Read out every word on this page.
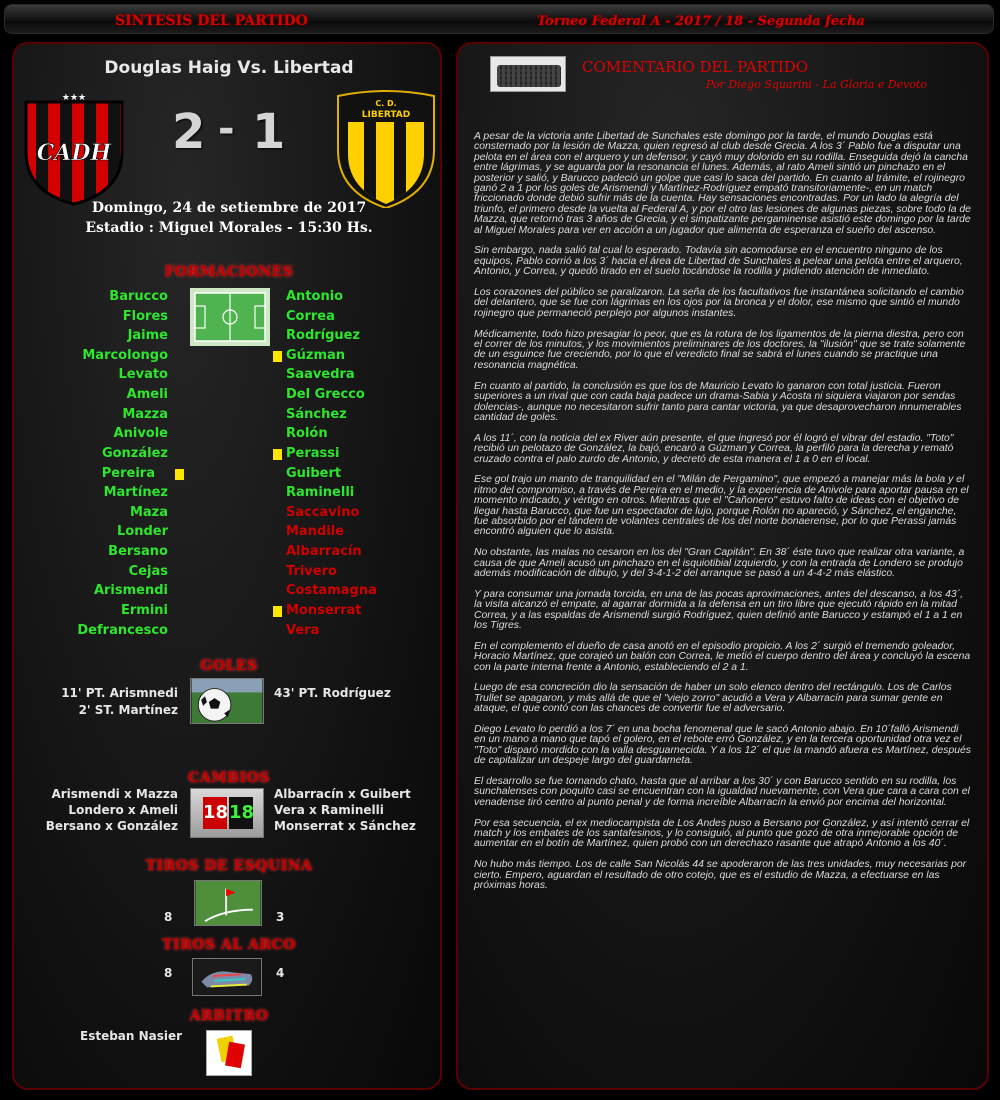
SINTESIS DEL PARTIDO	Torneo Federal A - 2017 / 18 - Segunda fecha
Douglas Haig Vs. Libertad
★★★
CADH 2 - 1
C. D.
LIBERTAD
Domingo, 24 de setiembre de 2017
Estadio : Miguel Morales - 15:30 Hs.
FORMACIONES
GOLES
11' PT. Arismnedi
2' ST. Martínez
43' PT. Rodríguez
CAMBIOS
Arismendi x Mazza
Londero x Ameli
Bersano x González
Albarracín x Guibert
Vera x Raminelli
Monserrat x Sánchez
18 18
TIROS DE ESQUINA
8	3
TIROS AL ARCO
8	4
ARBITRO
Esteban Nasier
Barucco
Flores
Jaime
Marcolongo
Levato
Ameli
Mazza
Anivole
González
Pereira
Martínez
Maza
Londer
Bersano
Cejas
Arismendi
Ermini
Defrancesco
Antonio
Correa
Rodríguez
Gúzman
Saavedra
Del Grecco
Sánchez
Rolón
Perassi
Guibert
Raminelli
Saccavino
Mandile
Albarracín
Trivero
Costamagna
Monserrat
Vera
COMENTARIO DEL PARTIDO
Por Diego Squarini - La Gloria e Devoto

A pesar de la victoria ante Libertad de Sunchales este domingo por la tarde, el mundo Douglas está consternado por la lesión de Mazza, quien regresó al club desde Grecia. A los 3´ Pablo fue a disputar una pelota en el área con el arquero y un defensor, y cayó muy dolorido en su rodilla. Enseguida dejó la cancha entre lágrimas, y se aguarda por la resonancia el lunes. Además, al rato Ameli sintió un pinchazo en el posterior y salió, y Barucco padeció un golpe que casi lo saca del partido. En cuanto al trámite, el rojinegro ganó 2 a 1 por los goles de Arismendi y Martínez-Rodríguez empató transitoriamente-, en un match friccionado donde debió sufrir más de la cuenta. Hay sensaciones encontradas. Por un lado la alegría del triunfo, el primero desde la vuelta al Federal A, y por el otro las lesiones de algunas piezas, sobre todo la de Mazza, que retornó tras 3 años de Grecia, y el simpatizante pergaminense asistió este domingo por la tarde al Miguel Morales para ver en acción a un jugador que alimenta de esperanza el sueño del ascenso.

Sin embargo, nada salió tal cual lo esperado. Todavía sin acomodarse en el encuentro ninguno de los equipos, Pablo corrió a los 3´ hacia el área de Libertad de Sunchales a pelear una pelota entre el arquero, Antonio, y Correa, y quedó tirado en el suelo tocándose la rodilla y pidiendo atención de inmediato.

Los corazones del público se paralizaron. La seña de los facultativos fue instantánea solicitando el cambio del delantero, que se fue con lágrimas en los ojos por la bronca y el dolor, ese mismo que sintió el mundo rojinegro que permaneció perplejo por algunos instantes.

Médicamente, todo hizo presagiar lo peor, que es la rotura de los ligamentos de la pierna diestra, pero con el correr de los minutos, y los movimientos preliminares de los doctores, la "ilusión" que se trate solamente de un esguince fue creciendo, por lo que el veredicto final se sabrá el lunes cuando se practique una resonancia magnética.

En cuanto al partido, la conclusión es que los de Mauricio Levato lo ganaron con total justicia. Fueron superiores a un rival que con cada baja padece un drama-Sabia y Acosta ni siquiera viajaron por sendas dolencias-, aunque no necesitaron sufrir tanto para cantar victoria, ya que desaprovecharon innumerables cantidad de goles.

A los 11´, con la noticia del ex River aún presente, el que ingresó por él logró el vibrar del estadio. "Toto" recibió un pelotazo de González, la bajó, encaró a Gúzman y Correa, la perfiló para la derecha y remató cruzado contra el palo zurdo de Antonio, y decretó de esta manera el 1 a 0 en el local.

Ese gol trajo un manto de tranquilidad en el "Milán de Pergamino", que empezó a manejar más la bola y el ritmo del compromiso, a través de Pereira en el medio, y la experiencia de Anivole para aportar pausa en el momento indicado, y vértigo en otros. Mientras que el "Cañonero" estuvo falto de ideas con el objetivo de llegar hasta Barucco, que fue un espectador de lujo, porque Rolón no apareció, y Sánchez, el enganche, fue absorbido por el tándem de volantes centrales de los del norte bonaerense, por lo que Perassi jamás encontró alguien que lo asista.

No obstante, las malas no cesaron en los del "Gran Capitán". En 38´ éste tuvo que realizar otra variante, a causa de que Ameli acusó un pinchazo en el isquiotibial izquierdo, y con la entrada de Londero se produjo además modificación de dibujo, y del 3-4-1-2 del arranque se pasó a un 4-4-2 más elástico.

Y para consumar una jornada torcida, en una de las pocas aproximaciones, antes del descanso, a los 43´, la visita alcanzó el empate, al agarrar dormida a la defensa en un tiro libre que ejecutó rápido en la mitad Correa, y a las espaldas de Arismendi surgió Rodríguez, quien definió ante Barucco y estampó el 1 a 1 en los Tigres.

En el complemento el dueño de casa anotó en el episodio propicio. A los 2´ surgió el tremendo goleador, Horacio Martínez, que corajeó un balón con Correa, le metió el cuerpo dentro del área y concluyó la escena con la parte interna frente a Antonio, estableciendo el 2 a 1.

Luego de esa concreción dio la sensación de haber un solo elenco dentro del rectángulo. Los de Carlos Trullet se apagaron, y más allá de que el "viejo zorro" acudió a Vera y Albarracín para sumar gente en ataque, el que contó con las chances de convertir fue el adversario.

Diego Levato lo perdió a los 7´ en una bocha fenomenal que le sacó Antonio abajo. En 10´falló Arismendi en un mano a mano que tapó el golero, en el rebote erró González, y en la tercera oportunidad otra vez el "Toto" disparó mordido con la valla desguarnecida. Y a los 12´ el que la mandó afuera es Martínez, después de capitalizar un despeje largo del guardameta.

El desarrollo se fue tornando chato, hasta que al arribar a los 30´ y con Barucco sentido en su rodilla, los sunchalenses con poquito casi se encuentran con la igualdad nuevamente, con Vera que cara a cara con el venadense tiró centro al punto penal y de forma increíble Albarracín la envió por encima del horizontal.

Por esa secuencia, el ex mediocampista de Los Andes puso a Bersano por González, y así intentó cerrar el match y los embates de los santafesinos, y lo consiguió, al punto que gozó de otra inmejorable opción de aumentar en el botín de Martínez, quien probó con un derechazo rasante que atrapó Antonio a los 40´.

No hubo más tiempo. Los de calle San Nicolás 44 se apoderaron de las tres unidades, muy necesarias por cierto. Empero, aguardan el resultado de otro cotejo, que es el estudio de Mazza, a efectuarse en las próximas horas.
